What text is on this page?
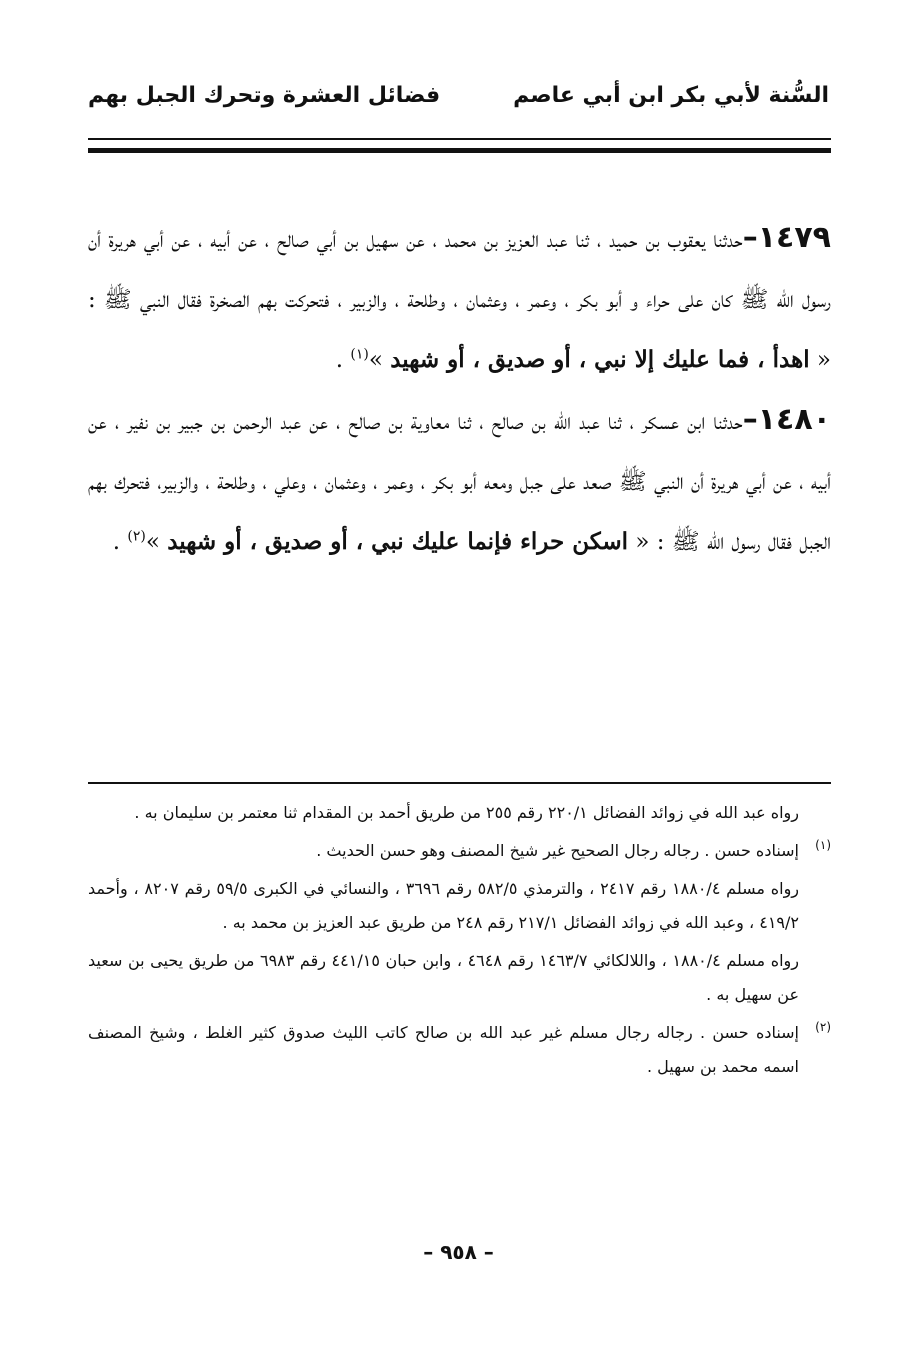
السُّنة لأبي بكر ابن أبي عاصم
فضائل العشرة وتحرك الجبل بهم

١٤٧٩–حدثنا يعقوب بن حميد ، ثنا عبد العزيز بن محمد ، عن سهيل بن أبي صالح ، عن أبيه ، عن أبي هريرة أن رسول الله ﷺ كان على حراء و أبو بكر ، وعمر ، وعثمان ، وطلحة ، والزبير ، فتحركت بهم الصخرة فقال النبي ﷺ : « اهدأ ، فما عليك إلا نبي ، أو صديق ، أو شهيد »$^{(١)}$ .

١٤٨٠–حدثنا ابن عسكر ، ثنا عبد الله بن صالح ، ثنا معاوية بن صالح ، عن عبد الرحمن بن جبير بن نفير ، عن أبيه ، عن أبي هريرة أن النبي ﷺ صعد على جبل ومعه أبو بكر ، وعمر ، وعثمان ، وعلي ، وطلحة ، والزبير، فتحرك بهم الجبل فقال رسول الله ﷺ : « اسكن حراء فإنما عليك نبي ، أو صديق ، أو شهيد »$^{(٢)}$ .

رواه عبد الله في زوائد الفضائل ٢٢٠/١ رقم ٢٥٥ من طريق أحمد بن المقدام ثنا معتمر بن سليمان به .
(١)
إسناده حسن . رجاله رجال الصحيح غير شيخ المصنف وهو حسن الحديث .
رواه مسلم ١٨٨٠/٤ رقم ٢٤١٧ ، والترمذي ٥٨٢/٥ رقم ٣٦٩٦ ، والنسائي في الكبرى ٥٩/٥ رقم ٨٢٠٧ ، وأحمد ٤١٩/٢ ، وعبد الله في زوائد الفضائل ٢١٧/١ رقم ٢٤٨ من طريق عبد العزيز بن محمد به .
رواه مسلم ١٨٨٠/٤ ، واللالكائي ١٤٦٣/٧ رقم ٤٦٤٨ ، وابن حبان ٤٤١/١٥ رقم ٦٩٨٣ من طريق يحيى بن سعيد عن سهيل به .
(٢)
إسناده حسن . رجاله رجال مسلم غير عبد الله بن صالح كاتب الليث صدوق كثير الغلط ، وشيخ المصنف اسمه محمد بن سهيل .
– ٩٥٨ –
